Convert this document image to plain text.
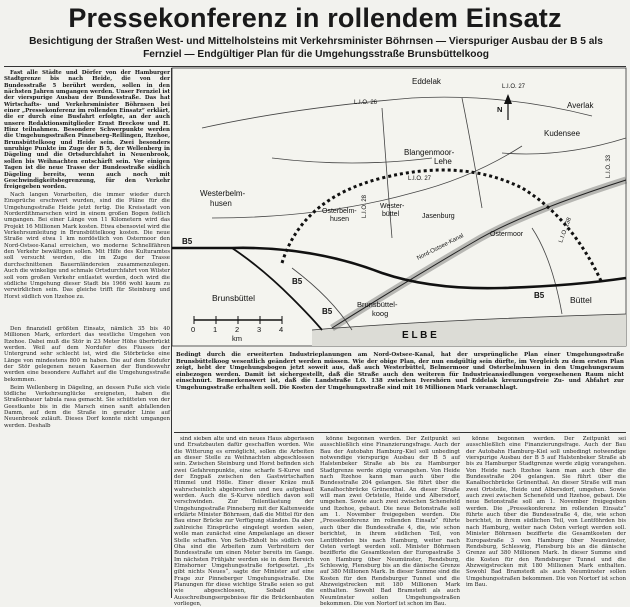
Pressekonferenz in rollendem Einsatz
Besichtigung der Straßen West- und Mittelholsteins mit Verkehrsminister Böhrnsen — Vierspuriger Ausbau der B 5 als Fernziel — Endgültiger Plan für die Umgehungsstraße Brunsbüttelkoog

Fast alle Städte und Dörfer von der Hamburger Stadtgrenze bis nach Heide, die von der Bundesstraße 5 berührt werden, sollen in den nächsten Jahren umgangen werden. Unser Fernziel ist der vierspurige Ausbau der Bundesstraße. Das hat Wirtschafts- und Verkehrsminister Böhrnsen bei einer „Pressekonferenz im rollenden Einsatz“ erklärt, die er durch eine Busfahrt erfolgte, an der auch unsere Redaktionsmitglieder Ernst Breckow und H. Hinz teilnahmen. Besondere Schwerpunkte werden die Umgehungsstraßen Pinneberg–Rellingen, Itzehoe, Brunsbüttelkoog und Heide sein. Zwei besonders unruhige Punkte im Zuge der B 5, der Wellenberg in Dägeling und die Ortsdurchfahrt in Neuenbrook, sollen bis Weihnachten entschärft sein. Vor einigen Tagen ist die neue Trasse der Bundesstraße südlich Dägeling bereits, wenn auch noch mit Geschwindigkeitsbegrenzung, für den Verkehr freigegeben worden.

Nach langen Vorarbeiten, die immer wieder durch Einsprüche erschwert wurden, sind die Pläne für die Umgehungsstraße Heide jetzt fertig. Die Kreisstadt von Norderdithmarschen wird in einem großen Bogen östlich umgangen. Bei einer Länge von 11 Kilometern wird das Projekt 16 Millionen Mark kosten. Etwa ebensoviel wird die Verkehrsumleitung in Brunsbüttelkoog kosten. Die neue Straße wird etwa 1 km nordöstlich von Ostermoor den Nord-Ostsee-Kanal erreichen, wo moderne Schnellfähren den Verkehr bewältigen sollen. Mit Hilfe des Kulturamtes soll versucht werden, die im Zuge der Trasse durchschnittenen Bauernländereien zusammenzulegen. Auch die winkelige und schmale Ortsdurchfahrt von Wilster soll vom großen Verkehr entlastet werden, doch wird die südliche Umgehung dieser Stadt bis 1966 wohl kaum zu verwirklichen sein. Das gleiche trifft für Steinburg und Horst südlich von Itzehoe zu.

Den finanziell größten Einsatz, nämlich 35 bis 40 Millionen Mark, erfordert das westliche Umgehen von Itzehoe. Dabei muß die Stör in 23 Meter Höhe überbrückt werden. Weil auf dem Nordufer des Flusses der Untergrund sehr schlecht ist, wird die Störbrücke eine Länge von mindestens 800 m haben. Die auf dem Südufer der Stör gelegenen neuen Kasernen der Bundeswehr werden eine besondere Auffahrt auf die Umgehungsstraße bekommen.

Beim Wellenberg in Dägeling, an dessen Fuße sich viele tödliche Verkehrsunglücke ereigneten, haben die Straßenbauer tabula rasa gemacht. Sie schütteten von der Geestkante bis in die Marsch einen sanft abfallenden Damm, auf dem die Straße in gerader Linie auf Neuenbrook zuläuft. Dieses Dorf konnte nicht umgangen werden. Deshalb

0 1 2 3 4
km
N
Eddelak
Averlak
Kudensee
Blangenmoor-
Lehe
Westerbelm-
husen
Osterbelm-
husen
Wester-
büttel	Jasenburg
Ostermoor
Brunsbüttel	Büttel
Brunsbüttel-
koog
E L B E
Nord-Ostsee-Kanal
L.I.O. 26
L.I.O. 27
L.I.O. 27
L.I.O. 28
L.I.O. 33
L.I.O. 138
B5
B5
B5
B5
Bedingt durch die erweiterten Industrieplanungen am Nord-Ostsee-Kanal, hat der ursprüngliche Plan einer Umgehungsstraße Brunsbüttelkoog wesentlich geändert werden müssen. Wie der obige Plan, der nun endgültig sein dürfte, im Vergleich zu dem ersten Plan zeigt, hebt der Umgehungsbogen jetzt soweit aus, daß auch Westerbüttel, Belmermoor und Osterbelmhusen in den Umgehungsraum einbezogen werden. Damit ist sichergestellt, daß die Straße auch den weiteren für Industrieansiedlungen vorgesehenen Raum nicht einschnürt. Bemerkenswert ist, daß die Landstraße I.O. 138 zwischen Ivershörn und Eddelak kreuzungsfreie Zu- und Abfahrt zur Umgehungsstraße erhalten soll. Die Kosten der Umgehungsstraße sind mit 16 Millionen Mark veranschlagt.

sind sieben alte und ein neues Haus abgerissen und Ersatzbauten dafür geschaffen worden. Wie die Witterung es ermöglicht, sollen die Arbeiten an dieser Stelle zu Weihnachten abgeschlossen sein. Zwischen Steinburg und Horst befinden sich zwei Gefahrenpunkte, eine scharfe S-Kurve und der Engpaß zwischen den Gastwirtschaften Himmel und Hölle. Einer dieser Kräze muß wahrscheinlich abgebrochen und neu aufgebaut werden. Auch die S-Kurve nördlich davon soll verschwinden. Zur Teilentlastung der Umgehungsstraße Pinneberg mit der Kaltenweide erklärte Minister Böhrnsen, daß die Mittel für den Bau einer Brücke zur Verfügung ständen. Da aber zahlreiche Einsprüche eingelegt worden seien, wolle man zunächst eine Ampelanlage an dieser Stelle schaffen. Von Seth-Ekholt bis südlich von Oha sind die Arbeiten zum Verbreitern der Bundesstraße um einen Meter bereits im Gange. Im nächsten Frühjahr werden sie in dem Bereich Elmshorner Umgehungsstraße fortgesetzt. „Es gibt nichts Neues“, sagte der Minister auf eine Frage zur Pinneberger Umgehungsstraße. Die Planungen für diese wichtige Straße seien so gut wie abgeschlossen, Sobald die Ausschreibungsergebnisse für die Brückenbauten vorliegen,

könne begonnen werden. Der Zeitpunkt sei ausschließlich eine Finanzierungsfrage. Auch der Bau der Autobahn Hamburg–Kiel soll unbedingt notwendige vierspurige Ausbau der B 5 auf Halstenbeker Straße ab bis zu Hamburger Stadtgrenze werde zügig vorangehen. Von Heide nach Itzehoe kann man auch über die Bundesstraße 204 gelangen. Sie führt über die Kanalhochbrücke Grünenthal. An dieser Straße will man zwei Ortsteile, Heide und Albersdorf, umgehen. Sowie auch zwei zwischen Schenefeld und Itzehoe, gebaut. Die neue Betonstraße soll am 1. November freigegeben werden. Die „Pressekonferenz im rollenden Einsatz“ führte auch über die Bundesstraße 4, die, wie schon berichtet, in ihrem südlichen Teil, von Lentföhrden bis nach Hamburg, weiter nach Osten verlegt werden soll. Minister Böhrnsen bezifferte die Gesamtkosten der Europastraße 3 von Hamburg über Neumünster, Rendsburg, Schleswig, Flensburg bis an die dänische Grenze auf 380 Millionen Mark. In dieser Summe sind die Kosten für den Rendsburger Tunnel und die Abzweigstrecken mit 180 Millionen Mark enthalten. Sowohl Bad Bramstedt als auch Neumünster sollen Umgehungsstraßen bekommen. Die von Nortorf ist schon im Bau.

könne begonnen werden. Der Zeitpunkt sei ausschließlich eine Finanzierungsfrage. Auch der Bau der Autobahn Hamburg–Kiel soll unbedingt notwendige vierspurige Ausbau der B 5 auf Halstenbeker Straße ab bis zu Hamburger Stadtgrenze werde zügig vorangehen. Von Heide nach Itzehoe kann man auch über die Bundesstraße 204 gelangen. Sie führt über die Kanalhochbrücke Grünenthal. An dieser Straße will man zwei Ortsteile, Heide und Albersdorf, umgehen. Sowie auch zwei zwischen Schenefeld und Itzehoe, gebaut. Die neue Betonstraße soll am 1. November freigegeben werden. Die „Pressekonferenz im rollenden Einsatz“ führte auch über die Bundesstraße 4, die, wie schon berichtet, in ihrem südlichen Teil, von Lentföhrden bis nach Hamburg, weiter nach Osten verlegt werden soll. Minister Böhrnsen bezifferte die Gesamtkosten der Europastraße 3 von Hamburg über Neumünster, Rendsburg, Schleswig, Flensburg bis an die dänische Grenze auf 380 Millionen Mark. In dieser Summe sind die Kosten für den Rendsburger Tunnel und die Abzweigstrecken mit 180 Millionen Mark enthalten. Sowohl Bad Bramstedt als auch Neumünster sollen Umgehungsstraßen bekommen. Die von Nortorf ist schon im Bau.
